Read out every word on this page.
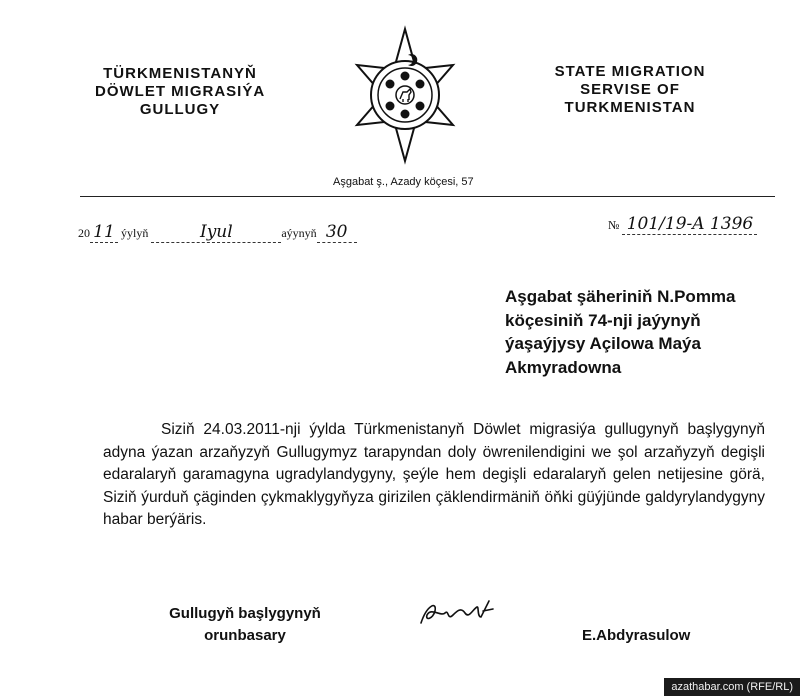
TÜRKMENISTANYŇ
DÖWLET MIGRASIÝA
GULLUGY
STATE MIGRATION
SERVISE OF
TURKMENISTAN
Aşgabat ş., Azady köçesi, 57
20 11 ýylyň	Iyul	aýynyň 30	№ 101/19-A 1396
Aşgabat şäheriniň N.Pomma
köçesiniň 74-nji jaýynyň
ýaşaýjysy Açilowa Maýa
Akmyradowna

Siziň 24.03.2011-nji ýylda Türkmenistanyň Döwlet migrasiýa gullugynyň başlygynyň adyna ýazan arzaňyzyň Gullugymyz tarapyndan doly öwrenilendigini we şol arzaňyzyň degişli edaralaryň garamagyna ugradylandygyny, şeýle hem degişli edaralaryň gelen netijesine görä, Siziň ýurduň çäginden çykmaklygyňyza girizilen çäklendirmäniň öňki güýjünde galdyrylandygyny habar berýäris.

Gullugyň başlygynyň
orunbasary	E.Abdyrasulow
azathabar.com (RFE/RL)
